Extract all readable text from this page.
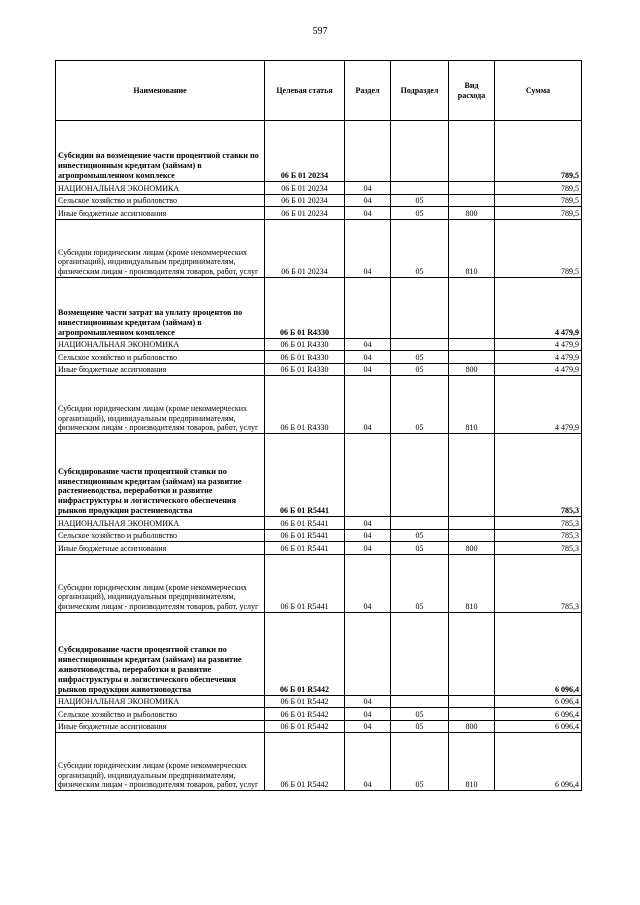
597
Наименование	Целевая статья	Раздел	Подраздел	Вид расхода	Сумма
Субсидии на возмещение части процентной ставки по инвестиционным кредитам (займам) в агропромышленном комплексе	06 Б 01 20234				789,5
НАЦИОНАЛЬНАЯ ЭКОНОМИКА	06 Б 01 20234	04			789,5
Сельское хозяйство и рыболовство	06 Б 01 20234	04	05		789,5
Иные бюджетные ассигнования	06 Б 01 20234	04	05	800	789,5
Субсидии юридическим лицам (кроме некоммерческих организаций), индивидуальным предпринимателям, физическим лицам - производителям товаров, работ, услуг	06 Б 01 20234	04	05	810	789,5
Возмещение части затрат на уплату процентов по инвестиционным кредитам (займам) в агропромышленном комплексе	06 Б 01 R4330				4 479,9
НАЦИОНАЛЬНАЯ ЭКОНОМИКА	06 Б 01 R4330	04			4 479,9
Сельское хозяйство и рыболовство	06 Б 01 R4330	04	05		4 479,9
Иные бюджетные ассигнования	06 Б 01 R4330	04	05	800	4 479,9
Субсидии юридическим лицам (кроме некоммерческих организаций), индивидуальным предпринимателям, физическим лицам - производителям товаров, работ, услуг	06 Б 01 R4330	04	05	810	4 479,9
Субсидирование части процентной ставки по инвестиционным кредитам (займам) на развитие растениеводства, переработки и развитие инфраструктуры и логистического обеспечения рынков продукции растениеводства	06 Б 01 R5441				785,3
НАЦИОНАЛЬНАЯ ЭКОНОМИКА	06 Б 01 R5441	04			785,3
Сельское хозяйство и рыболовство	06 Б 01 R5441	04	05		785,3
Иные бюджетные ассигнования	06 Б 01 R5441	04	05	800	785,3
Субсидии юридическим лицам (кроме некоммерческих организаций), индивидуальным предпринимателям, физическим лицам - производителям товаров, работ, услуг	06 Б 01 R5441	04	05	810	785,3
Субсидирование части процентной ставки по инвестиционным кредитам (займам) на развитие животноводства, переработки и развитие инфраструктуры и логистического обеспечения рынков продукции животноводства	06 Б 01 R5442				6 096,4
НАЦИОНАЛЬНАЯ ЭКОНОМИКА	06 Б 01 R5442	04			6 096,4
Сельское хозяйство и рыболовство	06 Б 01 R5442	04	05		6 096,4
Иные бюджетные ассигнования	06 Б 01 R5442	04	05	800	6 096,4
Субсидии юридическим лицам (кроме некоммерческих организаций), индивидуальным предпринимателям, физическим лицам - производителям товаров, работ, услуг	06 Б 01 R5442	04	05	810	6 096,4
